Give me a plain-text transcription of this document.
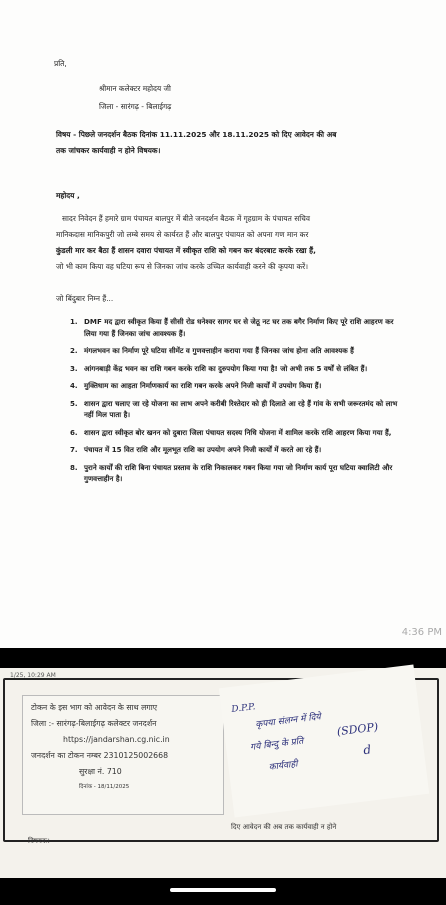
प्रति,
श्रीमान कलेक्टर महोदय जी
जिला - सारंगढ़ - बिलाईगढ़
विषय - पिछले जनदर्शन बैठक दिनांक 11.11.2025 और 18.11.2025 को दिए आवेदन की अब
तक जांचकर कार्यवाही न होने विषयक।
महोदय ,
सादर निवेदन हैं हमारे ग्राम पंचायत बालपुर में बीते जनदर्शन बैठक में गृहग्राम के पंचायत सचिव
मानिकदास मानिकपुरी जो लम्बे समय से कार्यरत हैं और बालपुर पंचायत को अपना गण मान कर
कुंडली मार कर बैठा हैं शासन दवारा पंचायत में स्वीकृत राशि को गबन कर बंदरबाट करके रखा हैं,
जो भी काम किया वह घटिया रूप से जिनका जांच करके उच्चित कार्यवाही करने की कृपया करें।
जो बिंदुबार निम्न हैं...
1. DMF मद द्वारा स्वीकृत किया हैं सीसी रोड धनेश्वर सागर घर से जेठू नट घर तक बगैर निर्माण किए पूरे राशि आहरण कर लिया गया हैं जिनका जांच आवश्यक हैं।
2. मंगलभवन का निर्माण पूरे घटिया सीमेंट व गुणवत्ताहीन कराया गया हैं जिनका जांच होना अति आवश्यक हैं
3. आंगनबाड़ी केंद्र भवन का राशि गबन करके राशि का दुरुपयोग किया गया है! जो अभी तक 5 वर्षों से लंबित हैं।
4. मुक्तिधाम का आहता निर्माणकार्य का राशि गबन करके अपने निजी कार्यों में उपयोग किया हैं।
5. शासन द्वारा चलाए जा रहे योजना का लाभ अपने करीबी रिश्तेदार को ही दिलाते आ रहे हैं गांव के सभी जरूरतमंद को लाभ नहीं मिल पाता है।
6. शासन द्वारा स्वीकृत बोर खनन को दुबारा जिला पंचायत सदस्य निधि योजना में शामिल करके राशि आहरण किया गया हैं,
7. पंचायत में 15 वित राशि और मूलभूत राशि का उपयोग अपने निजी कार्यों में करते आ रहे हैं।
8. पुराने कार्यों की राशि बिना पंचायत प्रस्ताव के राशि निकालकर गबन किया गया जो निर्माण कार्य पूरा घटिया क्वालिटी और गुणवत्ताहीन है।
4:36 PM
1/25, 10:29 AM
टोकन के इस भाग को आवेदन के साथ लगाए
जिला :- सारंगढ़-बिलाईगढ़ कलेक्टर जनदर्शन
https://jandarshan.cg.nic.in
जनदर्शन का टोकन नम्बर 2310125002668
सुरक्षा नं. 710
दिनांक - 18/11/2025
D.P.P.
कृपया संलग्न में दिये
गये बिन्दु के प्रति
कार्यवाही
(SDOP)
d
दिए आवेदन की अब तक कार्यवाही न होने
विषयक।
